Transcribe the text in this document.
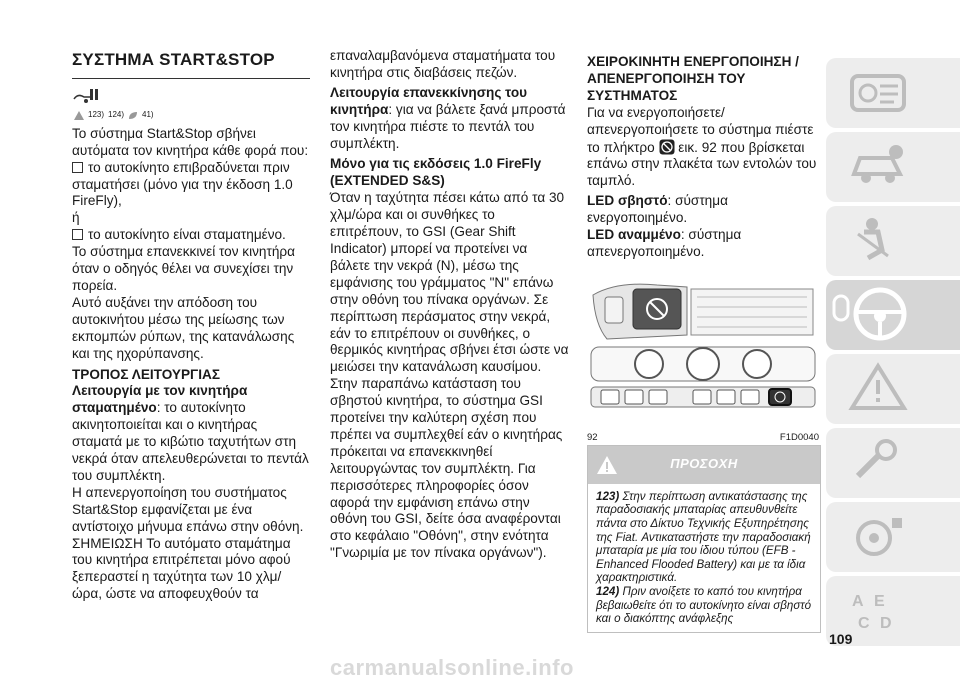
ΣΥΣΤΗΜΑ START&STOP

123) 124) 41)

Το σύστημα Start&Stop σβήνει αυτόματα τον κινητήρα κάθε φορά που:

το αυτοκίνητο επιβραδύνεται πριν σταματήσει (μόνο για την έκδοση 1.0 FireFly),

ή

το αυτοκίνητο είναι σταματημένο.

Το σύστημα επανεκκινεί τον κινητήρα όταν ο οδηγός θέλει να συνεχίσει την πορεία.

Αυτό αυξάνει την απόδοση του αυτοκινήτου μέσω της μείωσης των εκπομπών ρύπων, της κατανάλωσης και της ηχορύπανσης.

ΤΡΟΠΟΣ ΛΕΙΤΟΥΡΓΙΑΣ

Λειτουργία με τον κινητήρα σταματημένο: το αυτοκίνητο ακινητοποιείται και ο κινητήρας σταματά με το κιβώτιο ταχυτήτων στη νεκρά όταν απελευθερώνεται το πεντάλ του συμπλέκτη.

Η απενεργοποίηση του συστήματος Start&Stop εμφανίζεται με ένα αντίστοιχο μήνυμα επάνω στην οθόνη.

ΣΗΜΕΙΩΣΗ Το αυτόματο σταμάτημα του κινητήρα επιτρέπεται μόνο αφού ξεπεραστεί η ταχύτητα των 10 χλμ/ώρα, ώστε να αποφευχθούν τα

επαναλαμβανόμενα σταματήματα του κινητήρα στις διαβάσεις πεζών.

Λειτουργία επανεκκίνησης του κινητήρα: για να βάλετε ξανά μπροστά τον κινητήρα πιέστε το πεντάλ του συμπλέκτη.

Μόνο για τις εκδόσεις 1.0 FireFly (EXTENDED S&S)

Όταν η ταχύτητα πέσει κάτω από τα 30 χλμ/ώρα και οι συνθήκες το επιτρέπουν, το GSI (Gear Shift Indicator) μπορεί να προτείνει να βάλετε την νεκρά (N), μέσω της εμφάνισης του γράμματος "N" επάνω στην οθόνη του πίνακα οργάνων. Σε περίπτωση περάσματος στην νεκρά, εάν το επιτρέπουν οι συνθήκες, ο θερμικός κινητήρας σβήνει έτσι ώστε να μειώσει την κατανάλωση καυσίμου.

Στην παραπάνω κατάσταση του σβηστού κινητήρα, το σύστημα GSI προτείνει την καλύτερη σχέση που πρέπει να συμπλεχθεί εάν ο κινητήρας πρόκειται να επανεκκινηθεί λειτουργώντας τον συμπλέκτη. Για περισσότερες πληροφορίες όσον αφορά την εμφάνιση επάνω στην οθόνη του GSI, δείτε όσα αναφέρονται στο κεφάλαιο "Οθόνη", στην ενότητα "Γνωριμία με τον πίνακα οργάνων").

ΧΕΙΡΟΚΙΝΗΤΗ ΕΝΕΡΓΟΠΟΙΗΣΗ / ΑΠΕΝΕΡΓΟΠΟΙΗΣΗ ΤΟΥ ΣΥΣΤΗΜΑΤΟΣ

Για να ενεργοποιήσετε/απενεργοποιήσετε το σύστημα πιέστε το πλήκτρο εικ. 92 που βρίσκεται επάνω στην πλακέτα των εντολών του ταμπλό.

LED σβηστό: σύστημα ενεργοποιημένο.

LED αναμμένο: σύστημα απενεργοποιημένο.

92	F1D0040
ΠΡΟΣΟΧΗ

123) Στην περίπτωση αντικατάστασης της παραδοσιακής μπαταρίας απευθυνθείτε πάντα στο Δίκτυο Τεχνικής Εξυπηρέτησης της Fiat. Αντικαταστήστε την παραδοσιακή μπαταρία με μία του ίδιου τύπου (EFB - Enhanced Flooded Battery) και με τα ίδια χαρακτηριστικά.

124) Πριν ανοίξετε το καπό του κινητήρα βεβαιωθείτε ότι το αυτοκίνητο είναι σβηστό και ο διακόπτης ανάφλεξης

A E
C D
109
carmanualsonline.info
